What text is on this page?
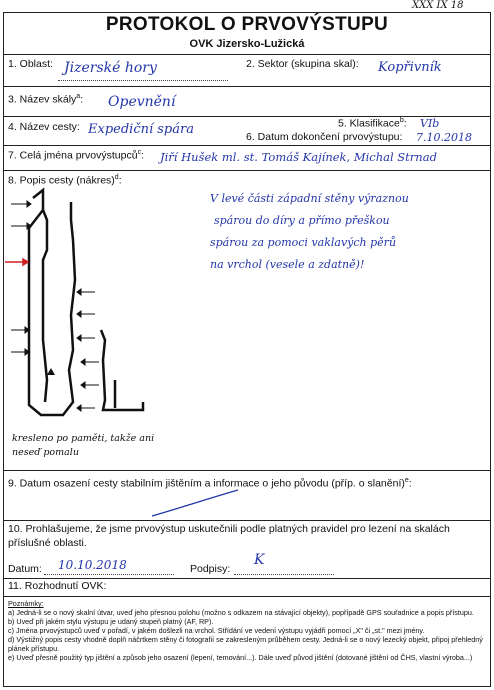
XXX IX 18
PROTOKOL O PRVOVÝSTUPU
OVK Jizersko-Lužická
1. Oblast: Jizerské hory	2. Sektor (skupina skal): Kopřivník
3. Název skály$^a$: Opevnění
4. Název cesty: Expediční spára	5. Klasifikace$^b$: VIb
6. Datum dokončení prvovýstupu: 7.10.2018
7. Celá jména prvovýstupců$^c$: Jiří Hušek ml. st. Tomáš Kajínek, Michal Strnad
8. Popis cesty (nákres)$^d$:
V levé části západní stěny výraznou
spárou do díry a přímo přeškou
spárou za pomoci vaklavých pěrů
na vrchol (vesele a zdatně)!
kresleno po paměti, takže ani
neseď pomalu
9. Datum osazení cesty stabilním jištěním a informace o jeho původu (příp. o slanění)$^e$:
10. Prohlašujeme, že jsme prvovýstup uskutečnili podle platných pravidel pro lezení na skalách příslušné oblasti.
Datum: 10.10.2018	Podpisy:
K
11. Rozhodnutí OVK:

Poznámky:

a) Jedná-li se o nový skalní útvar, uveď jeho přesnou polohu (možno s odkazem na stávající objekty), popřípadě GPS souřadnice a popis přístupu.

b) Uveď při jakém stylu výstupu je udaný stupeň platný (AF, RP).

c) Jména prvovýstupců uveď v pořadí, v jakém došlezli na vrchol. Střídání ve vedení výstupu vyjádři pomocí „X" či „st." mezi jmény.

d) Výstižný popis cesty vhodně doplň náčrtkem stěny či fotografií se zakresleným průběhem cesty. Jedná-li se o nový lezecký objekt, připoj přehledný plánek přístupu.

e) Uveď přesně použitý typ jištění a způsob jeho osazení (lepení, temování...). Dále uveď původ jištění (dotované jištění od ČHS, vlastní výroba...)
